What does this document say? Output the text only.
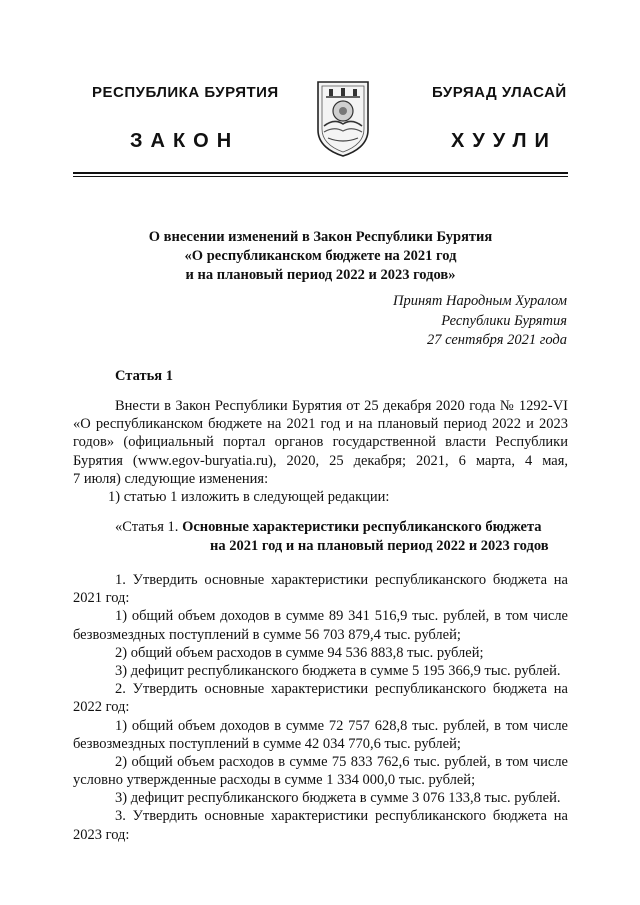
РЕСПУБЛИКА БУРЯТИЯ	БУРЯАД УЛАСАЙ
ЗАКОН	ХУУЛИ
О внесении изменений в Закон Республики Бурятия
«О республиканском бюджете на 2021 год
и на плановый период 2022 и 2023 годов»
Принят Народным Хуралом
Республики Бурятия
27 сентября 2021 года
Статья 1
Внести в Закон Республики Бурятия от 25 декабря 2020 года № 1292-VI
«О республиканском бюджете на 2021 год и на плановый период 2022 и 2023
годов» (официальный портал органов государственной власти Республики
Бурятия (www.egov-buryatia.ru), 2020, 25 декабря; 2021, 6 марта, 4 мая,
7 июля) следующие изменения:
1) статью 1 изложить в следующей редакции:
«Статья 1. Основные характеристики республиканского бюджета
на 2021 год и на плановый период 2022 и 2023 годов
1. Утвердить основные характеристики республиканского бюджета на
2021 год:
1) общий объем доходов в сумме 89 341 516,9 тыс. рублей, в том числе
безвозмездных поступлений в сумме 56 703 879,4 тыс. рублей;
2) общий объем расходов в сумме 94 536 883,8 тыс. рублей;
3) дефицит республиканского бюджета в сумме 5 195 366,9 тыс. рублей.
2. Утвердить основные характеристики республиканского бюджета на
2022 год:
1) общий объем доходов в сумме 72 757 628,8 тыс. рублей, в том числе
безвозмездных поступлений в сумме 42 034 770,6 тыс. рублей;
2) общий объем расходов в сумме 75 833 762,6 тыс. рублей, в том числе
условно утвержденные расходы в сумме 1 334 000,0 тыс. рублей;
3) дефицит республиканского бюджета в сумме 3 076 133,8 тыс. рублей.
3. Утвердить основные характеристики республиканского бюджета на
2023 год:
